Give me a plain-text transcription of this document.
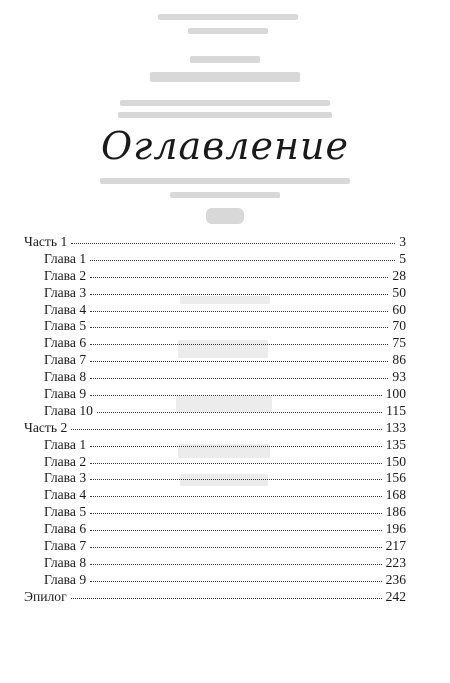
Оглавление
Часть 1	3
Глава 1	5
Глава 2	28
Глава 3	50
Глава 4	60
Глава 5	70
Глава 6	75
Глава 7	86
Глава 8	93
Глава 9	100
Глава 10	115
Часть 2	133
Глава 1	135
Глава 2	150
Глава 3	156
Глава 4	168
Глава 5	186
Глава 6	196
Глава 7	217
Глава 8	223
Глава 9	236
Эпилог	242
